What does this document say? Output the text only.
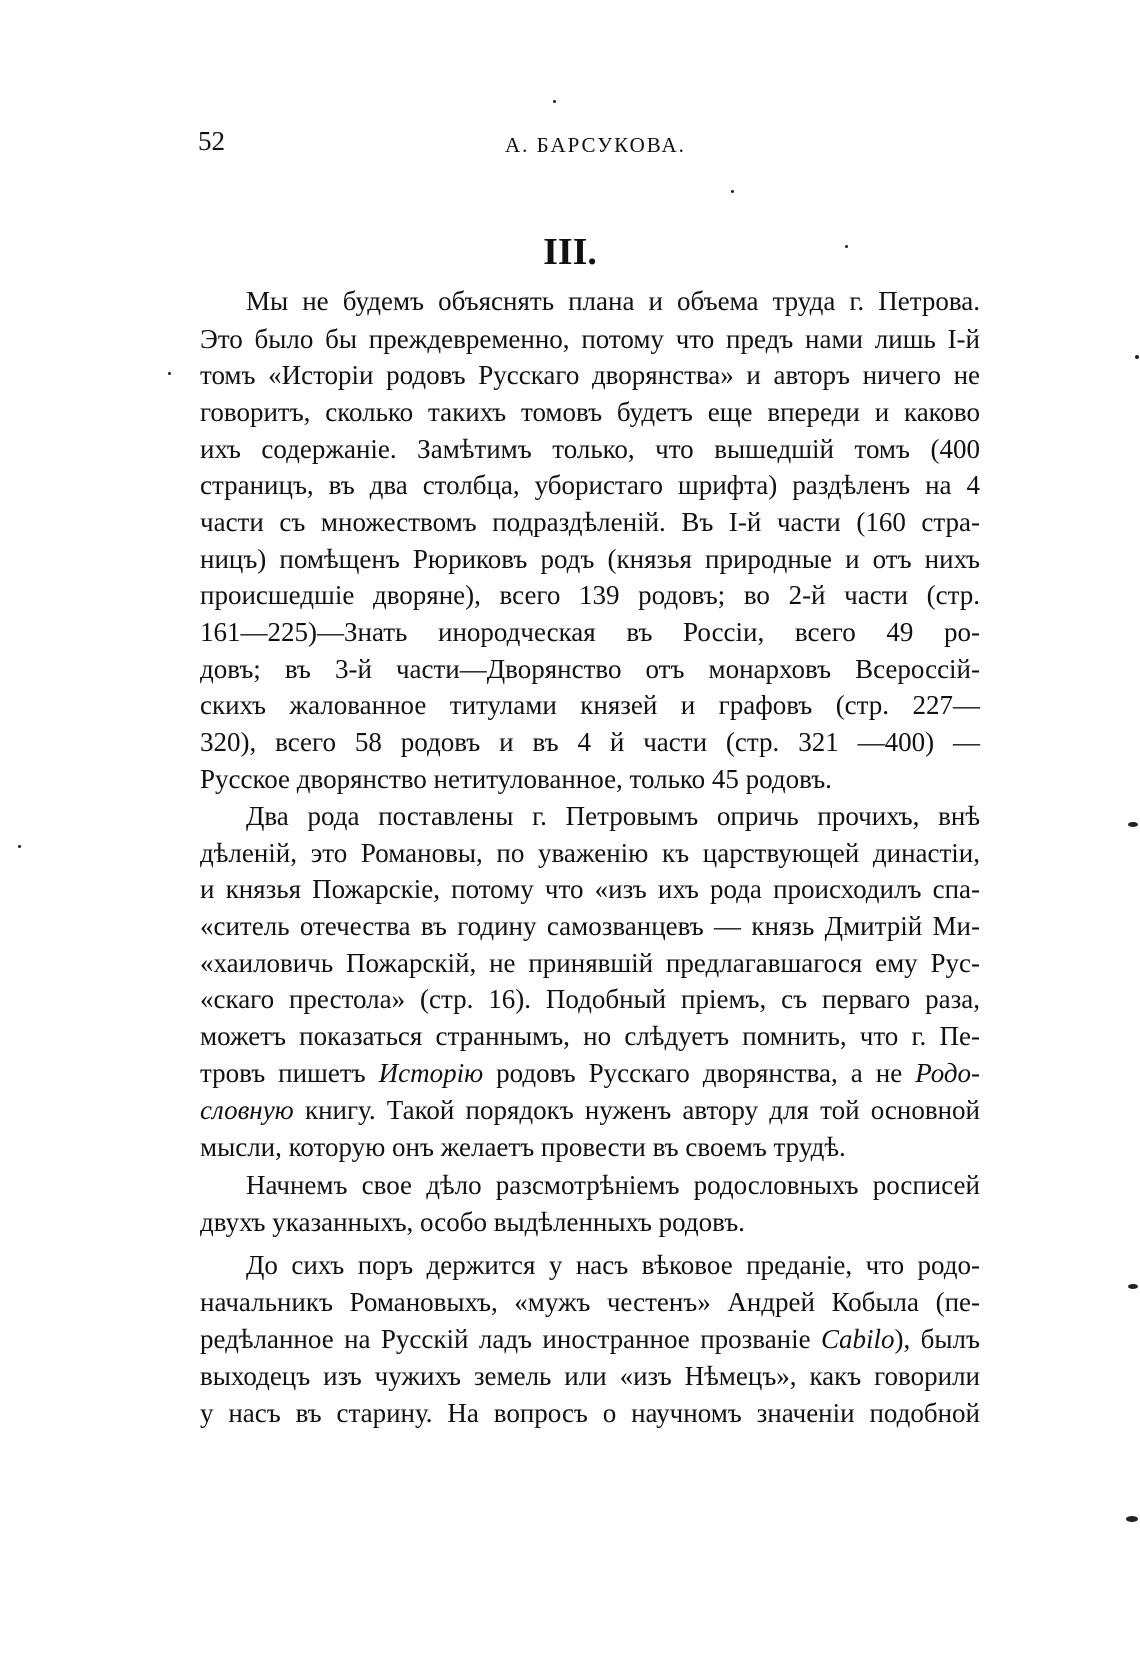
52	А. БАРСУКОВА.
III.
Мы не будемъ объяснять плана и объема труда г. Петрова.
Это было бы преждевременно, потому что предъ нами лишь I-й
томъ «Исторіи родовъ Русскаго дворянства» и авторъ ничего не
говоритъ, сколько такихъ томовъ будетъ еще впереди и каково
ихъ содержаніе. Замѣтимъ только, что вышедшій томъ (400
страницъ, въ два столбца, убористаго шрифта) раздѣленъ на 4
части съ множествомъ подраздѣленій. Въ I-й части (160 стра-
ницъ) помѣщенъ Рюриковъ родъ (князья природные и отъ нихъ
происшедшіе дворяне), всего 139 родовъ; во 2-й части (стр.
161—225)—Знать инородческая въ Россіи, всего 49 ро-
довъ; въ 3-й части—Дворянство отъ монарховъ Всероссій-
скихъ жалованное титулами князей и графовъ (стр. 227—
320), всего 58 родовъ и въ 4 й части (стр. 321 —400) —
Русское дворянство нетитулованное, только 45 родовъ.
Два рода поставлены г. Петровымъ опричь прочихъ, внѣ
дѣленій, это Романовы, по уваженію къ царствующей династіи,
и князья Пожарскіе, потому что «изъ ихъ рода происходилъ спа-
«ситель отечества въ годину самозванцевъ — князь Дмитрій Ми-
«хаиловичь Пожарскій, не принявшій предлагавшагося ему Рус-
«скаго престола» (стр. 16). Подобный пріемъ, съ перваго раза,
можетъ показаться страннымъ, но слѣдуетъ помнить, что г. Пе-
тровъ пишетъ Исторію родовъ Русскаго дворянства, а не Родо-
словную книгу. Такой порядокъ нуженъ автору для той основной
мысли, которую онъ желаетъ провести въ своемъ трудѣ.
Начнемъ свое дѣло разсмотрѣніемъ родословныхъ росписей
двухъ указанныхъ, особо выдѣленныхъ родовъ.
До сихъ поръ держится у насъ вѣковое преданіе, что родо-
начальникъ Романовыхъ, «мужъ честенъ» Андрей Кобыла (пе-
редѣланное на Русскій ладъ иностранное прозваніе Cabilo), былъ
выходецъ изъ чужихъ земель или «изъ Нѣмецъ», какъ говорили
у насъ въ старину. На вопросъ о научномъ значеніи подобной
